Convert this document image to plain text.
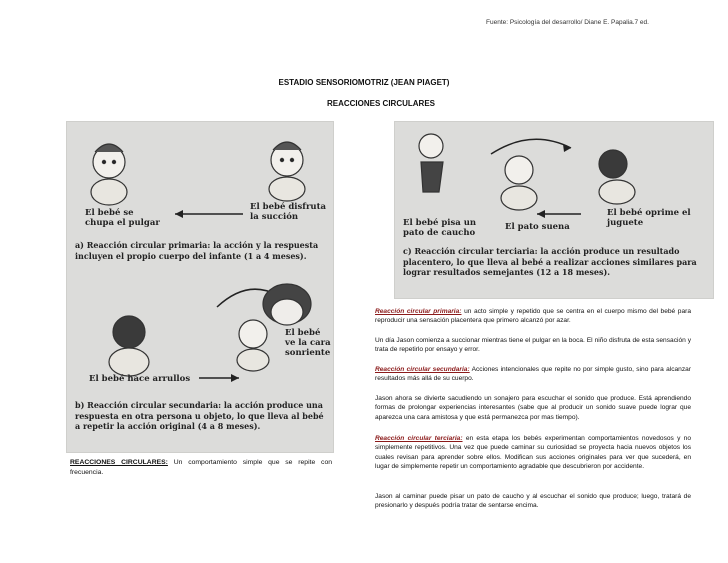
Fuente: Psicología del desarrollo/ Diane E. Papalia.7 ed.
ESTADIO SENSORIOMOTRIZ (JEAN PIAGET)
REACCIONES CIRCULARES
El bebé se chupa el pulgar
El bebé disfruta la succión
a) Reacción circular primaria: la acción y la respuesta incluyen el propio cuerpo del infante (1 a 4 meses).
El bebé ve la cara sonriente
El bebé hace arrullos
b) Reacción circular secundaria: la acción produce una respuesta en otra persona u objeto, lo que lleva al bebé a repetir la acción original (4 a 8 meses).
El bebé pisa un pato de caucho
El pato suena
El bebé oprime el juguete
c) Reacción circular terciaria: la acción produce un resultado placentero, lo que lleva al bebé a realizar acciones similares para lograr resultados semejantes (12 a 18 meses).
REACCIONES CIRCULARES: Un comportamiento simple que se repite con frecuencia.
Reacción circular primaria: un acto simple y repetido que se centra en el cuerpo mismo del bebé para reproducir una sensación placentera que primero alcanzó por azar.
Un día Jason comienza a succionar mientras tiene el pulgar en la boca. El niño disfruta de esta sensación y trata de repetirlo por ensayo y error.
Reacción circular secundaria: Acciones intencionales que repite no por simple gusto, sino para alcanzar resultados más allá de su cuerpo.
Jason ahora se divierte sacudiendo un sonajero para escuchar el sonido que produce. Está aprendiendo formas de prolongar experiencias interesantes (sabe que al producir un sonido suave puede lograr que aparezca una cara amistosa y que está permanezca por mas tiempo).
Reacción circular terciaria: en esta etapa los bebés experimentan comportamientos novedosos y no simplemente repetitivos. Una vez que puede caminar su curiosidad se proyecta hacia nuevos objetos los cuales revisan para aprender sobre ellos. Modifican sus acciones originales para ver que sucederá, en lugar de simplemente repetir un comportamiento agradable que descubrieron por accidente.
Jason al caminar puede pisar un pato de caucho y al escuchar el sonido que produce; luego, tratará de presionarlo y después podría tratar de sentarse encima.
